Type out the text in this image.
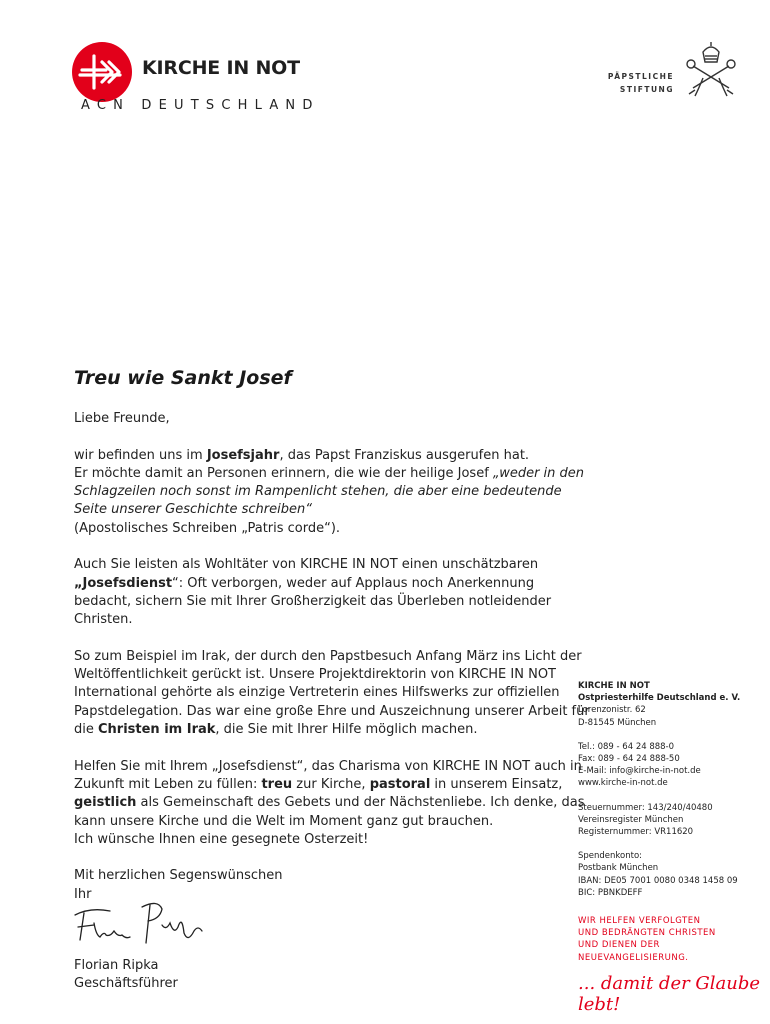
KIRCHE IN NOT
ACN DEUTSCHLAND
PÄPSTLICHE
STIFTUNG
Treu wie Sankt Josef

Liebe Freunde,

wir befinden uns im Josefsjahr, das Papst Franziskus ausgerufen hat.
Er möchte damit an Personen erinnern, die wie der heilige Josef „weder in den Schlagzeilen noch sonst im Rampenlicht stehen, die aber eine bedeutende Seite unserer Geschichte schreiben“
(Apostolisches Schreiben „Patris corde“).

Auch Sie leisten als Wohltäter von KIRCHE IN NOT einen unschätzbaren „Josefsdienst“: Oft verborgen, weder auf Applaus noch Anerkennung bedacht, sichern Sie mit Ihrer Großherzigkeit das Überleben notleidender Christen.

So zum Beispiel im Irak, der durch den Papstbesuch Anfang März ins Licht der Weltöffentlichkeit gerückt ist. Unsere Projektdirektorin von KIRCHE IN NOT International gehörte als einzige Vertreterin eines Hilfswerks zur offiziellen Papstdelegation. Das war eine große Ehre und Auszeichnung unserer Arbeit für die Christen im Irak, die Sie mit Ihrer Hilfe möglich machen.

Helfen Sie mit Ihrem „Josefsdienst“, das Charisma von KIRCHE IN NOT auch in Zukunft mit Leben zu füllen: treu zur Kirche, pastoral in unserem Einsatz, geistlich als Gemeinschaft des Gebets und der Nächstenliebe. Ich denke, das kann unsere Kirche und die Welt im Moment ganz gut brauchen.
Ich wünsche Ihnen eine gesegnete Osterzeit!

Mit herzlichen Segenswünschen

Ihr

Florian Ripka
Geschäftsführer
KIRCHE IN NOT
Ostpriesterhilfe Deutschland e. V.
Lorenzonistr. 62
D-81545 München
Tel.: 089 - 64 24 888-0
Fax: 089 - 64 24 888-50
E-Mail: info@kirche-in-not.de
www.kirche-in-not.de
Steuernummer: 143/240/40480
Vereinsregister München
Registernummer: VR11620
Spendenkonto:
Postbank München
IBAN: DE05 7001 0080 0348 1458 09
BIC: PBNKDEFF
WIR HELFEN VERFOLGTEN
UND BEDRÄNGTEN CHRISTEN
UND DIENEN DER
NEUEVANGELISIERUNG.
... damit der Glaube lebt!
